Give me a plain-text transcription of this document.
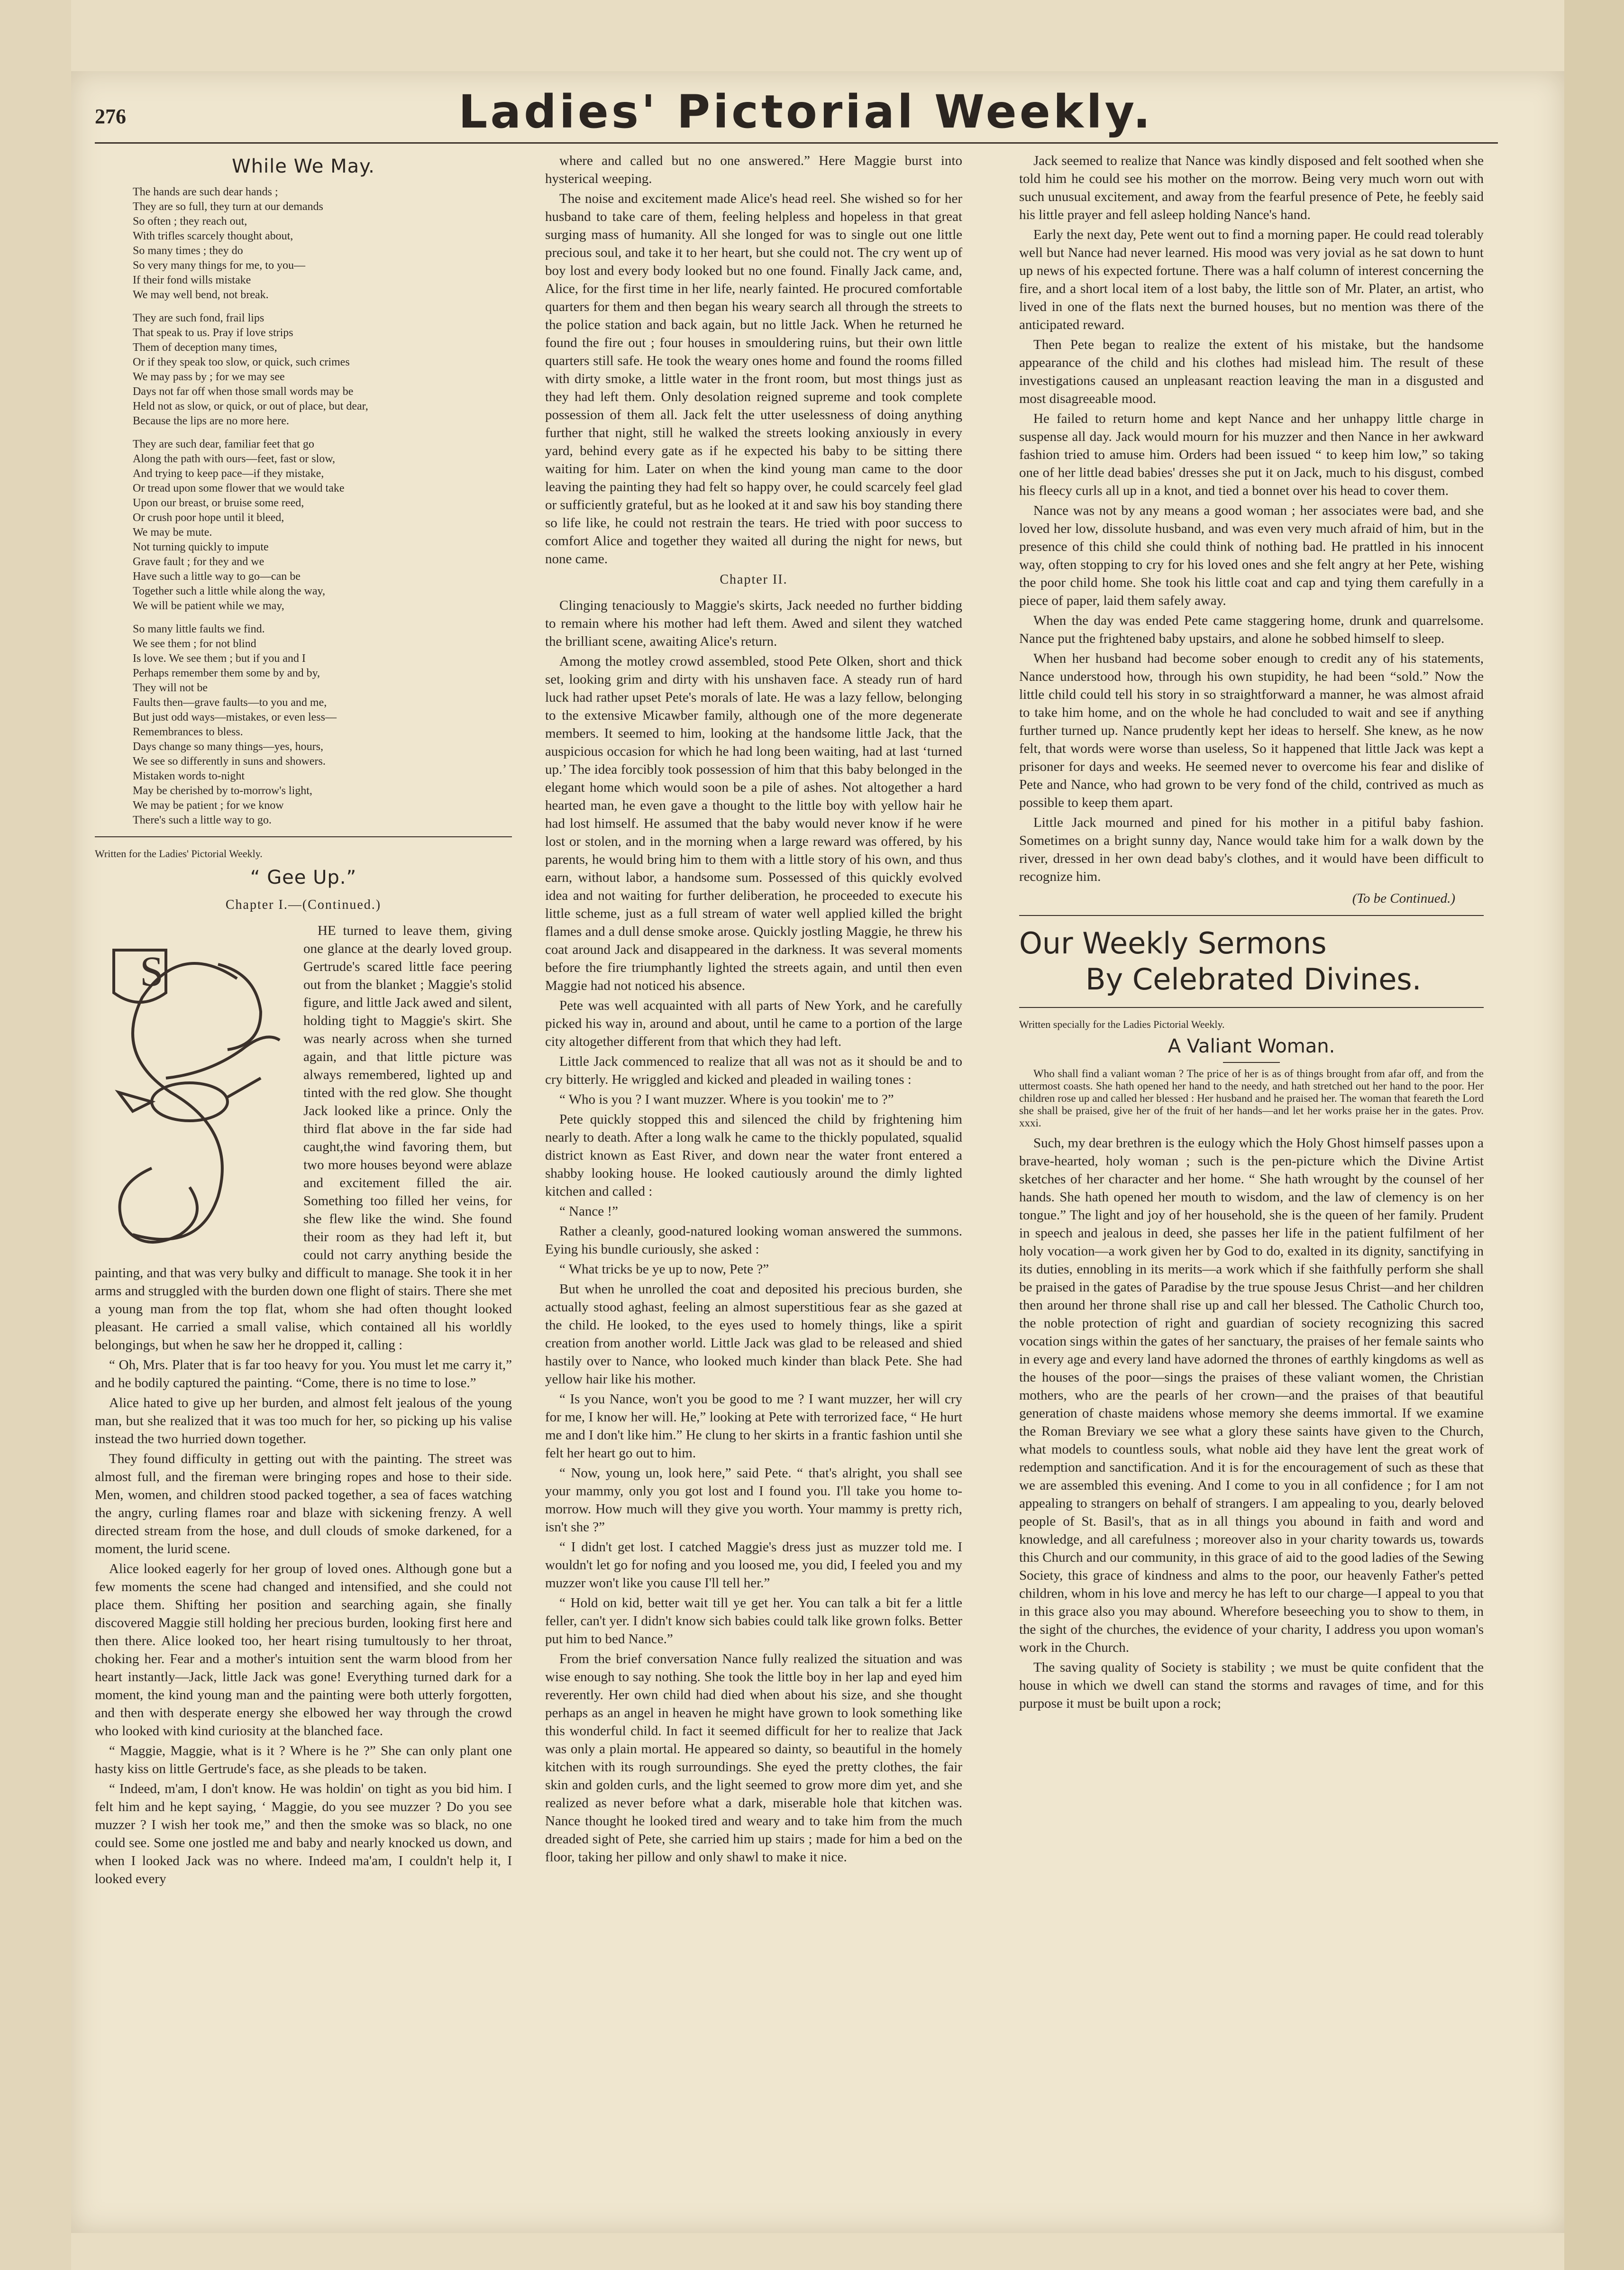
276	Ladies' Pictorial Weekly.
While We May.
The hands are such dear hands ;
They are so full, they turn at our demands
So often ; they reach out,
With trifles scarcely thought about,
So many times ; they do
So very many things for me, to you—
If their fond wills mistake
We may well bend, not break.
They are such fond, frail lips
That speak to us. Pray if love strips
Them of deception many times,
Or if they speak too slow, or quick, such crimes
We may pass by ; for we may see
Days not far off when those small words may be
Held not as slow, or quick, or out of place, but dear,
Because the lips are no more here.
They are such dear, familiar feet that go
Along the path with ours—feet, fast or slow,
And trying to keep pace—if they mistake,
Or tread upon some flower that we would take
Upon our breast, or bruise some reed,
Or crush poor hope until it bleed,
We may be mute.
Not turning quickly to impute
Grave fault ; for they and we
Have such a little way to go—can be
Together such a little while along the way,
We will be patient while we may,
So many little faults we find.
We see them ; for not blind
Is love. We see them ; but if you and I
Perhaps remember them some by and by,
They will not be
Faults then—grave faults—to you and me,
But just odd ways—mistakes, or even less—
Remembrances to bless.
Days change so many things—yes, hours,
We see so differently in suns and showers.
Mistaken words to-night
May be cherished by to-morrow's light,
We may be patient ; for we know
There's such a little way to go.
Written for the Ladies' Pictorial Weekly.
“ Gee Up.”
Chapter I.—(Continued.)
S

HE turned to leave them, giving one glance at the dearly loved group. Gertrude's scared little face peering out from the blanket ; Maggie's stolid figure, and little Jack awed and silent, holding tight to Maggie's skirt. She was nearly across when she turned again, and that little picture was always remembered, lighted up and tinted with the red glow. She thought Jack looked like a prince. Only the third flat above in the far side had caught,the wind favoring them, but two more houses beyond were ablaze and excitement filled the air. Something too filled her veins, for she flew like the wind. She found their room as they had left it, but could not carry anything beside the painting, and that was very bulky and difficult to manage. She took it in her arms and struggled with the burden down one flight of stairs. There she met a young man from the top flat, whom she had often thought looked pleasant. He carried a small valise, which contained all his worldly belongings, but when he saw her he dropped it, calling :

“ Oh, Mrs. Plater that is far too heavy for you. You must let me carry it,” and he bodily captured the painting. “Come, there is no time to lose.”

Alice hated to give up her burden, and almost felt jealous of the young man, but she realized that it was too much for her, so picking up his valise instead the two hurried down together.

They found difficulty in getting out with the painting. The street was almost full, and the fireman were bringing ropes and hose to their side. Men, women, and children stood packed together, a sea of faces watching the angry, curling flames roar and blaze with sickening frenzy. A well directed stream from the hose, and dull clouds of smoke darkened, for a moment, the lurid scene.

Alice looked eagerly for her group of loved ones. Although gone but a few moments the scene had changed and intensified, and she could not place them. Shifting her position and searching again, she finally discovered Maggie still holding her precious burden, looking first here and then there. Alice looked too, her heart rising tumultously to her throat, choking her. Fear and a mother's intuition sent the warm blood from her heart instantly—Jack, little Jack was gone! Everything turned dark for a moment, the kind young man and the painting were both utterly forgotten, and then with desperate energy she elbowed her way through the crowd who looked with kind curiosity at the blanched face.

“ Maggie, Maggie, what is it ? Where is he ?” She can only plant one hasty kiss on little Gertrude's face, as she pleads to be taken.

“ Indeed, m'am, I don't know. He was holdin' on tight as you bid him. I felt him and he kept saying, ‘ Maggie, do you see muzzer ? Do you see muzzer ? I wish her took me,” and then the smoke was so black, no one could see. Some one jostled me and baby and nearly knocked us down, and when I looked Jack was no where. Indeed ma'am, I couldn't help it, I looked every

where and called but no one answered.” Here Maggie burst into hysterical weeping.

The noise and excitement made Alice's head reel. She wished so for her husband to take care of them, feeling helpless and hopeless in that great surging mass of humanity. All she longed for was to single out one little precious soul, and take it to her heart, but she could not. The cry went up of boy lost and every body looked but no one found. Finally Jack came, and, Alice, for the first time in her life, nearly fainted. He procured comfortable quarters for them and then began his weary search all through the streets to the police station and back again, but no little Jack. When he returned he found the fire out ; four houses in smouldering ruins, but their own little quarters still safe. He took the weary ones home and found the rooms filled with dirty smoke, a little water in the front room, but most things just as they had left them. Only desolation reigned supreme and took complete possession of them all. Jack felt the utter uselessness of doing anything further that night, still he walked the streets looking anxiously in every yard, behind every gate as if he expected his baby to be sitting there waiting for him. Later on when the kind young man came to the door leaving the painting they had felt so happy over, he could scarcely feel glad or sufficiently grateful, but as he looked at it and saw his boy standing there so life like, he could not restrain the tears. He tried with poor success to comfort Alice and together they waited all during the night for news, but none came.

Chapter II.

Clinging tenaciously to Maggie's skirts, Jack needed no further bidding to remain where his mother had left them. Awed and silent they watched the brilliant scene, awaiting Alice's return.

Among the motley crowd assembled, stood Pete Olken, short and thick set, looking grim and dirty with his unshaven face. A steady run of hard luck had rather upset Pete's morals of late. He was a lazy fellow, belonging to the extensive Micawber family, although one of the more degenerate members. It seemed to him, looking at the handsome little Jack, that the auspicious occasion for which he had long been waiting, had at last ‘turned up.’ The idea forcibly took possession of him that this baby belonged in the elegant home which would soon be a pile of ashes. Not altogether a hard hearted man, he even gave a thought to the little boy with yellow hair he had lost himself. He assumed that the baby would never know if he were lost or stolen, and in the morning when a large reward was offered, by his parents, he would bring him to them with a little story of his own, and thus earn, without labor, a handsome sum. Possessed of this quickly evolved idea and not waiting for further deliberation, he proceeded to execute his little scheme, just as a full stream of water well applied killed the bright flames and a dull dense smoke arose. Quickly jostling Maggie, he threw his coat around Jack and disappeared in the darkness. It was several moments before the fire triumphantly lighted the streets again, and until then even Maggie had not noticed his absence.

Pete was well acquainted with all parts of New York, and he carefully picked his way in, around and about, until he came to a portion of the large city altogether different from that which they had left.

Little Jack commenced to realize that all was not as it should be and to cry bitterly. He wriggled and kicked and pleaded in wailing tones :

“ Who is you ? I want muzzer. Where is you tookin' me to ?”

Pete quickly stopped this and silenced the child by frightening him nearly to death. After a long walk he came to the thickly populated, squalid district known as East River, and down near the water front entered a shabby looking house. He looked cautiously around the dimly lighted kitchen and called :

“ Nance !”

Rather a cleanly, good-natured looking woman answered the summons. Eying his bundle curiously, she asked :

“ What tricks be ye up to now, Pete ?”

But when he unrolled the coat and deposited his precious burden, she actually stood aghast, feeling an almost superstitious fear as she gazed at the child. He looked, to the eyes used to homely things, like a spirit creation from another world. Little Jack was glad to be released and shied hastily over to Nance, who looked much kinder than black Pete. She had yellow hair like his mother.

“ Is you Nance, won't you be good to me ? I want muzzer, her will cry for me, I know her will. He,” looking at Pete with terrorized face, “ He hurt me and I don't like him.” He clung to her skirts in a frantic fashion until she felt her heart go out to him.

“ Now, young un, look here,” said Pete. “ that's alright, you shall see your mammy, only you got lost and I found you. I'll take you home to-morrow. How much will they give you worth. Your mammy is pretty rich, isn't she ?”

“ I didn't get lost. I catched Maggie's dress just as muzzer told me. I wouldn't let go for nofing and you loosed me, you did, I feeled you and my muzzer won't like you cause I'll tell her.”

“ Hold on kid, better wait till ye get her. You can talk a bit fer a little feller, can't yer. I didn't know sich babies could talk like grown folks. Better put him to bed Nance.”

From the brief conversation Nance fully realized the situation and was wise enough to say nothing. She took the little boy in her lap and eyed him reverently. Her own child had died when about his size, and she thought perhaps as an angel in heaven he might have grown to look something like this wonderful child. In fact it seemed difficult for her to realize that Jack was only a plain mortal. He appeared so dainty, so beautiful in the homely kitchen with its rough surroundings. She eyed the pretty clothes, the fair skin and golden curls, and the light seemed to grow more dim yet, and she realized as never before what a dark, miserable hole that kitchen was. Nance thought he looked tired and weary and to take him from the much dreaded sight of Pete, she carried him up stairs ; made for him a bed on the floor, taking her pillow and only shawl to make it nice.

Jack seemed to realize that Nance was kindly disposed and felt soothed when she told him he could see his mother on the morrow. Being very much worn out with such unusual excitement, and away from the fearful presence of Pete, he feebly said his little prayer and fell asleep holding Nance's hand.

Early the next day, Pete went out to find a morning paper. He could read tolerably well but Nance had never learned. His mood was very jovial as he sat down to hunt up news of his expected fortune. There was a half column of interest concerning the fire, and a short local item of a lost baby, the little son of Mr. Plater, an artist, who lived in one of the flats next the burned houses, but no mention was there of the anticipated reward.

Then Pete began to realize the extent of his mistake, but the handsome appearance of the child and his clothes had mislead him. The result of these investigations caused an unpleasant reaction leaving the man in a disgusted and most disagreeable mood.

He failed to return home and kept Nance and her unhappy little charge in suspense all day. Jack would mourn for his muzzer and then Nance in her awkward fashion tried to amuse him. Orders had been issued “ to keep him low,” so taking one of her little dead babies' dresses she put it on Jack, much to his disgust, combed his fleecy curls all up in a knot, and tied a bonnet over his head to cover them.

Nance was not by any means a good woman ; her associates were bad, and she loved her low, dissolute husband, and was even very much afraid of him, but in the presence of this child she could think of nothing bad. He prattled in his innocent way, often stopping to cry for his loved ones and she felt angry at her Pete, wishing the poor child home. She took his little coat and cap and tying them carefully in a piece of paper, laid them safely away.

When the day was ended Pete came staggering home, drunk and quarrelsome. Nance put the frightened baby upstairs, and alone he sobbed himself to sleep.

When her husband had become sober enough to credit any of his statements, Nance understood how, through his own stupidity, he had been “sold.” Now the little child could tell his story in so straightforward a manner, he was almost afraid to take him home, and on the whole he had concluded to wait and see if anything further turned up. Nance prudently kept her ideas to herself. She knew, as he now felt, that words were worse than useless, So it happened that little Jack was kept a prisoner for days and weeks. He seemed never to overcome his fear and dislike of Pete and Nance, who had grown to be very fond of the child, contrived as much as possible to keep them apart.

Little Jack mourned and pined for his mother in a pitiful baby fashion. Sometimes on a bright sunny day, Nance would take him for a walk down by the river, dressed in her own dead baby's clothes, and it would have been difficult to recognize him.

(To be Continued.)
Our Weekly Sermons
By Celebrated Divines.
Written specially for the Ladies Pictorial Weekly.
A Valiant Woman.
Who shall find a valiant woman ? The price of her is as of things brought from afar off, and from the uttermost coasts. She hath opened her hand to the needy, and hath stretched out her hand to the poor. Her children rose up and called her blessed : Her husband and he praised her. The woman that feareth the Lord she shall be praised, give her of the fruit of her hands—and let her works praise her in the gates. Prov. xxxi.

Such, my dear brethren is the eulogy which the Holy Ghost himself passes upon a brave-hearted, holy woman ; such is the pen-picture which the Divine Artist sketches of her character and her home. “ She hath wrought by the counsel of her hands. She hath opened her mouth to wisdom, and the law of clemency is on her tongue.” The light and joy of her household, she is the queen of her family. Prudent in speech and jealous in deed, she passes her life in the patient fulfilment of her holy vocation—a work given her by God to do, exalted in its dignity, sanctifying in its duties, ennobling in its merits—a work which if she faithfully perform she shall be praised in the gates of Paradise by the true spouse Jesus Christ—and her children then around her throne shall rise up and call her blessed. The Catholic Church too, the noble protection of right and guardian of society recognizing this sacred vocation sings within the gates of her sanctuary, the praises of her female saints who in every age and every land have adorned the thrones of earthly kingdoms as well as the houses of the poor—sings the praises of these valiant women, the Christian mothers, who are the pearls of her crown—and the praises of that beautiful generation of chaste maidens whose memory she deems immortal. If we examine the Roman Breviary we see what a glory these saints have given to the Church, what models to countless souls, what noble aid they have lent the great work of redemption and sanctification. And it is for the encouragement of such as these that we are assembled this evening. And I come to you in all confidence ; for I am not appealing to strangers on behalf of strangers. I am appealing to you, dearly beloved people of St. Basil's, that as in all things you abound in faith and word and knowledge, and all carefulness ; moreover also in your charity towards us, towards this Church and our community, in this grace of aid to the good ladies of the Sewing Society, this grace of kindness and alms to the poor, our heavenly Father's petted children, whom in his love and mercy he has left to our charge—I appeal to you that in this grace also you may abound. Wherefore beseeching you to show to them, in the sight of the churches, the evidence of your charity, I address you upon woman's work in the Church.

The saving quality of Society is stability ; we must be quite confident that the house in which we dwell can stand the storms and ravages of time, and for this purpose it must be built upon a rock;
